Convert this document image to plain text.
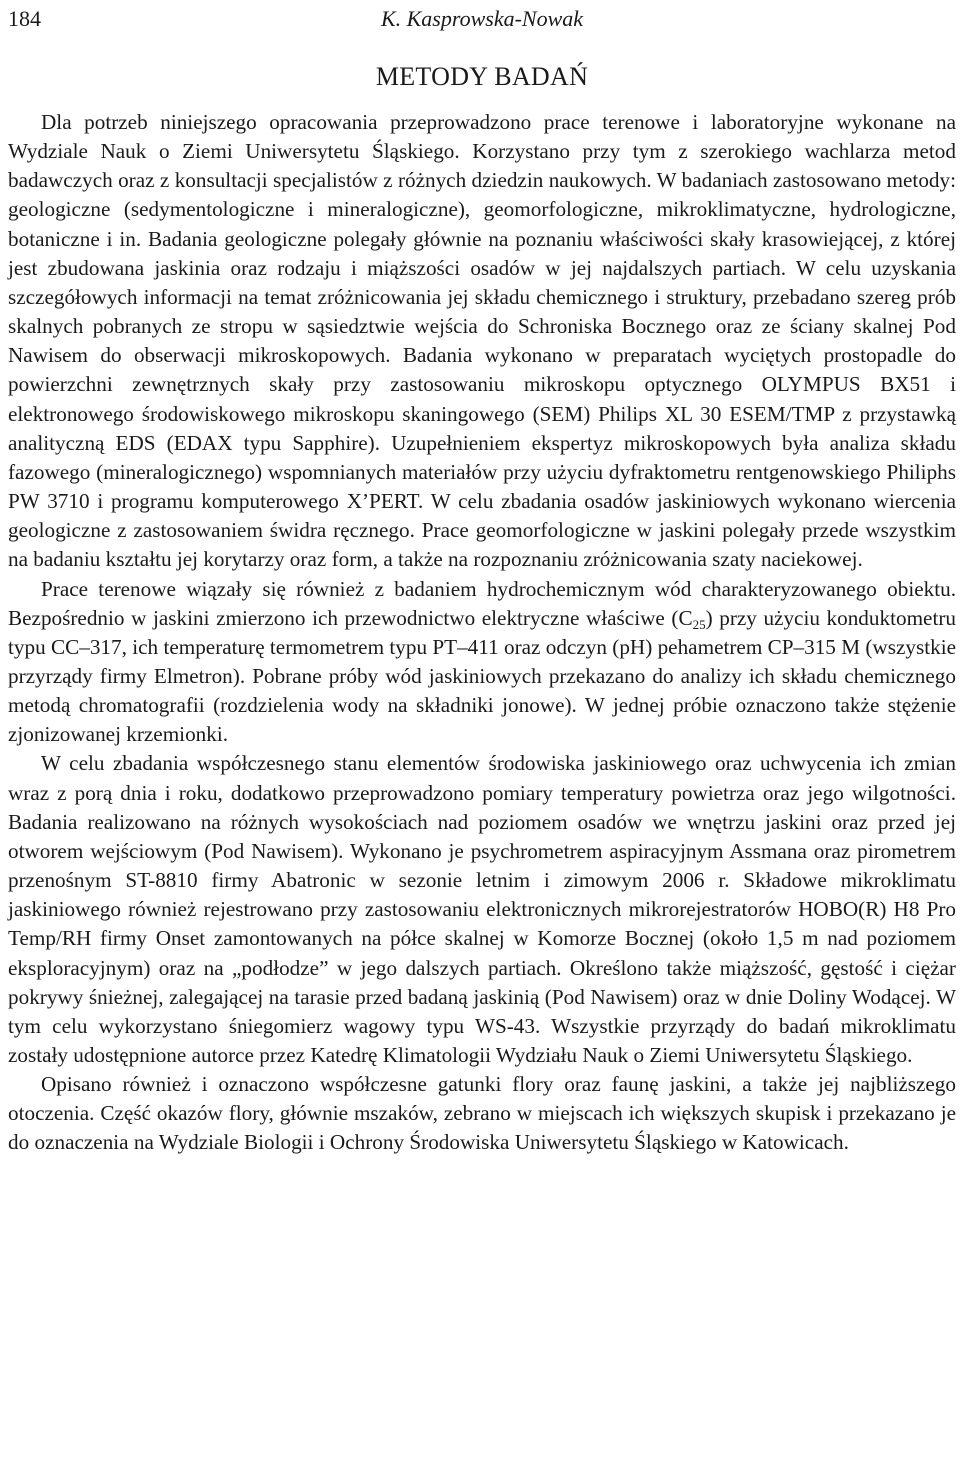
184	K. Kasprowska-Nowak
METODY BADAŃ

Dla potrzeb niniejszego opracowania przeprowadzono prace terenowe i laboratoryjne wykonane na Wydziale Nauk o Ziemi Uniwersytetu Śląskiego. Korzystano przy tym z szerokiego wachlarza metod badawczych oraz z konsultacji specjalistów z różnych dziedzin naukowych. W badaniach zastosowano metody: geologiczne (sedymentologiczne i mineralogiczne), geomorfologiczne, mikroklimatyczne, hydrologiczne, botaniczne i in. Badania geologiczne polegały głównie na poznaniu właściwości skały krasowiejącej, z której jest zbudowana jaskinia oraz rodzaju i miąższości osadów w jej najdalszych partiach. W celu uzyskania szczegółowych informacji na temat zróżnicowania jej składu chemicznego i struktury, przebadano szereg prób skalnych pobranych ze stropu w sąsiedztwie wejścia do Schroniska Bocznego oraz ze ściany skalnej Pod Nawisem do obserwacji mikroskopowych. Badania wykonano w preparatach wyciętych prostopadle do powierzchni zewnętrznych skały przy zastosowaniu mikroskopu optycznego OLYMPUS BX51 i elektronowego środowiskowego mikroskopu skaningowego (SEM) Philips XL 30 ESEM/TMP z przystawką analityczną EDS (EDAX typu Sapphire). Uzupełnieniem ekspertyz mikroskopowych była analiza składu fazowego (mineralogicznego) wspomnianych materiałów przy użyciu dyfraktometru rentgenowskiego Philiphs PW 3710 i programu komputerowego X’PERT. W celu zbadania osadów jaskiniowych wykonano wiercenia geologiczne z zastosowaniem świdra ręcznego. Prace geomorfologiczne w jaskini polegały przede wszystkim na badaniu kształtu jej korytarzy oraz form, a także na rozpoznaniu zróżnicowania szaty naciekowej.

Prace terenowe wiązały się również z badaniem hydrochemicznym wód charakteryzowanego obiektu. Bezpośrednio w jaskini zmierzono ich przewodnictwo elektryczne właściwe $(C_{25})$ przy użyciu konduktometru typu CC–317, ich temperaturę termometrem typu PT–411 oraz odczyn (pH) pehametrem CP–315 M (wszystkie przyrządy firmy Elmetron). Pobrane próby wód jaskiniowych przekazano do analizy ich składu chemicznego metodą chromatografii (rozdzielenia wody na składniki jonowe). W jednej próbie oznaczono także stężenie zjonizowanej krzemionki.

W celu zbadania współczesnego stanu elementów środowiska jaskiniowego oraz uchwycenia ich zmian wraz z porą dnia i roku, dodatkowo przeprowadzono pomiary temperatury powietrza oraz jego wilgotności. Badania realizowano na różnych wysokościach nad poziomem osadów we wnętrzu jaskini oraz przed jej otworem wejściowym (Pod Nawisem). Wykonano je psychrometrem aspiracyjnym Assmana oraz pirometrem przenośnym ST-8810 firmy Abatronic w sezonie letnim i zimowym 2006 r. Składowe mikroklimatu jaskiniowego również rejestrowano przy zastosowaniu elektronicznych mikrorejestratorów HOBO(R) H8 Pro Temp/RH firmy Onset zamontowanych na półce skalnej w Komorze Bocznej (około 1,5 m nad poziomem eksploracyjnym) oraz na „podłodze” w jego dalszych partiach. Określono także miąższość, gęstość i ciężar pokrywy śnieżnej, zalegającej na tarasie przed badaną jaskinią (Pod Nawisem) oraz w dnie Doliny Wodącej. W tym celu wykorzystano śniegomierz wagowy typu WS-43. Wszystkie przyrządy do badań mikroklimatu zostały udostępnione autorce przez Katedrę Klimatologii Wydziału Nauk o Ziemi Uniwersytetu Śląskiego.

Opisano również i oznaczono współczesne gatunki flory oraz faunę jaskini, a także jej najbliższego otoczenia. Część okazów flory, głównie mszaków, zebrano w miejscach ich większych skupisk i przekazano je do oznaczenia na Wydziale Biologii i Ochrony Środowiska Uniwersytetu Śląskiego w Katowicach.
